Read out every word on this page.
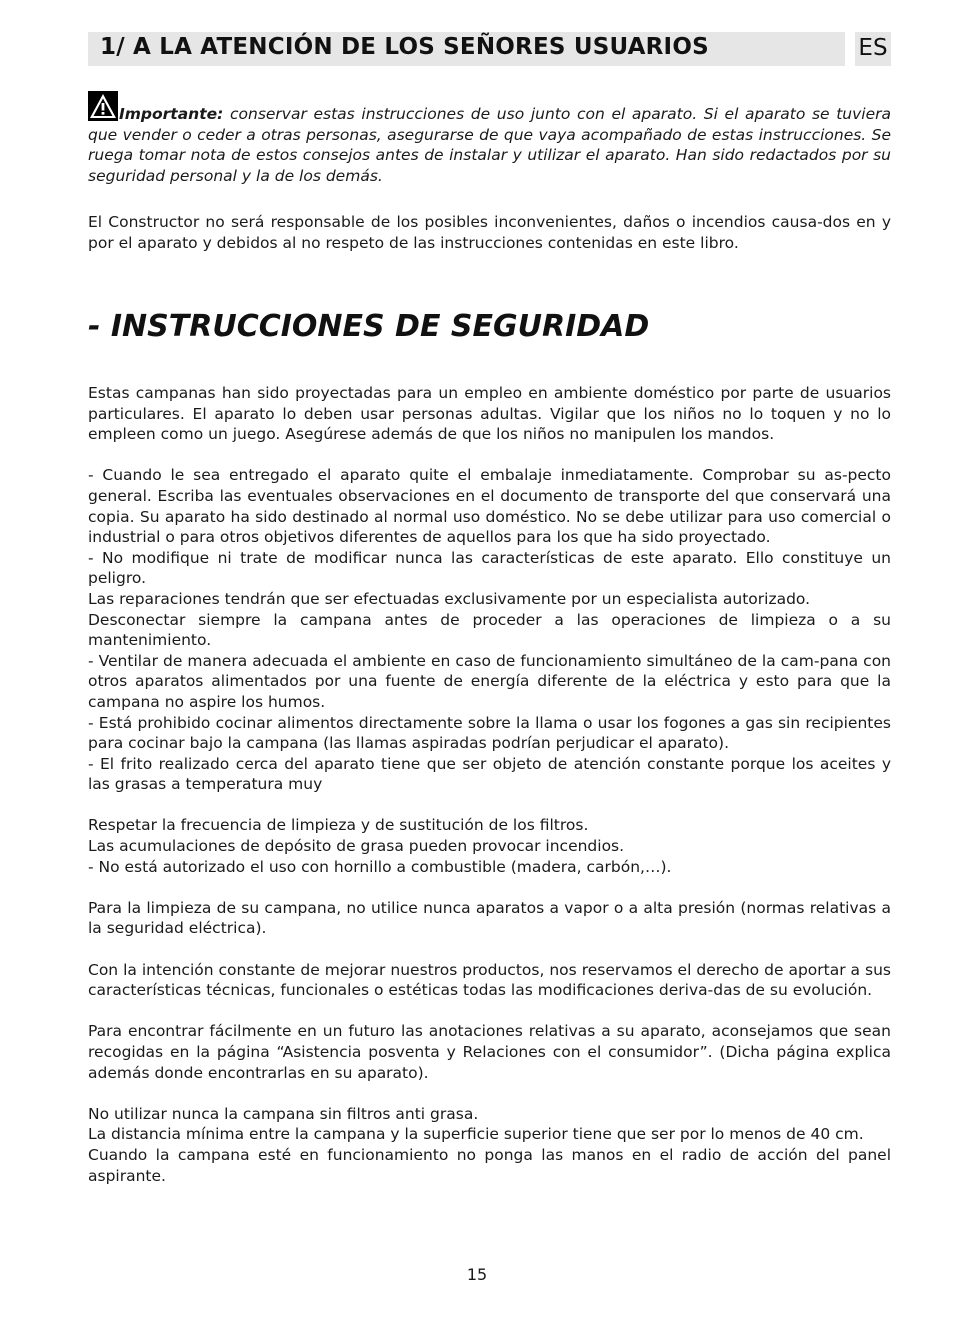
1/ A LA ATENCIÓN DE LOS SEÑORES USUARIOS	ES

Importante: conservar estas instrucciones de uso junto con el aparato. Si el aparato se tuviera que vender o ceder a otras personas, asegurarse de que vaya acompañado de estas instrucciones. Se ruega tomar nota de estos consejos antes de instalar y utilizar el aparato. Han sido redactados por su seguridad personal y la de los demás.

El Constructor no será responsable de los posibles inconvenientes, daños o incendios causa-dos en y por el aparato y debidos al no respeto de las instrucciones contenidas en este libro.

- INSTRUCCIONES DE SEGURIDAD

Estas campanas han sido proyectadas para un empleo en ambiente doméstico por parte de usuarios particulares. El aparato lo deben usar personas adultas. Vigilar que los niños no lo toquen y no lo empleen como un juego. Asegúrese además de que los niños no manipulen los mandos.

- Cuando le sea entregado el aparato quite el embalaje inmediatamente. Comprobar su as-pecto general. Escriba las eventuales observaciones en el documento de transporte del que conservará una copia. Su aparato ha sido destinado al normal uso doméstico. No se debe utilizar para uso comercial o industrial o para otros objetivos diferentes de aquellos para los que ha sido proyectado.

- No modifique ni trate de modificar nunca las características de este aparato. Ello constituye un peligro.

Las reparaciones tendrán que ser efectuadas exclusivamente por un especialista autorizado.

Desconectar siempre la campana antes de proceder a las operaciones de limpieza o a su mantenimiento.

- Ventilar de manera adecuada el ambiente en caso de funcionamiento simultáneo de la cam-pana con otros aparatos alimentados por una fuente de energía diferente de la eléctrica y esto para que la campana no aspire los humos.

- Está prohibido cocinar alimentos directamente sobre la llama o usar los fogones a gas sin recipientes para cocinar bajo la campana (las llamas aspiradas podrían perjudicar el aparato).

- El frito realizado cerca del aparato tiene que ser objeto de atención constante porque los aceites y las grasas a temperatura muy

Respetar la frecuencia de limpieza y de sustitución de los filtros.

Las acumulaciones de depósito de grasa pueden provocar incendios.

- No está autorizado el uso con hornillo a combustible (madera, carbón,…).

Para la limpieza de su campana, no utilice nunca aparatos a vapor o a alta presión (normas relativas a la seguridad eléctrica).

Con la intención constante de mejorar nuestros productos, nos reservamos el derecho de aportar a sus características técnicas, funcionales o estéticas todas las modificaciones deriva-das de su evolución.

Para encontrar fácilmente en un futuro las anotaciones relativas a su aparato, aconsejamos que sean recogidas en la página “Asistencia posventa y Relaciones con el consumidor”. (Dicha página explica además donde encontrarlas en su aparato).

No utilizar nunca la campana sin filtros anti grasa.

La distancia mínima entre la campana y la superficie superior tiene que ser por lo menos de 40 cm.

Cuando la campana esté en funcionamiento no ponga las manos en el radio de acción del panel aspirante.

15
